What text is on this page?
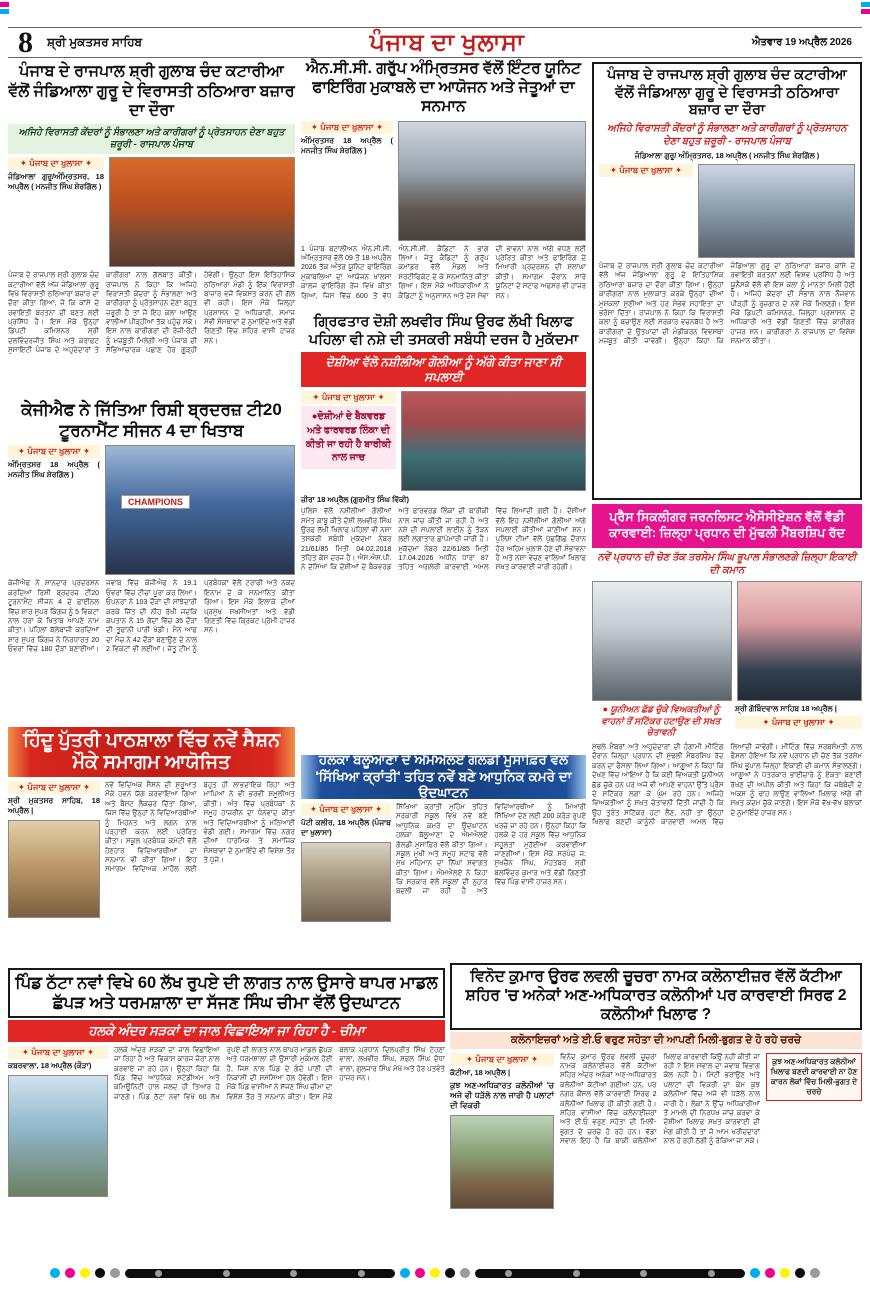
8	ਸ਼੍ਰੀ ਮੁਕਤਸਰ ਸਾਹਿਬ	ਪੰਜਾਬ ਦਾ ਖੁਲਾਸਾ	ਐਤਵਾਰ 19 ਅਪ੍ਰੈਲ 2026
ਪੰਜਾਬ ਦੇ ਰਾਜਪਾਲ ਸ਼੍ਰੀ ਗੁਲਾਬ ਚੰਦ ਕਟਾਰੀਆ ਵੱਲੋਂ ਜੰਡਿਆਲਾ ਗੁਰੂ ਦੇ ਵਿਰਾਸਤੀ ਠਠਿਆਰਾ ਬਜ਼ਾਰ ਦਾ ਦੌਰਾ
ਅਜਿਹੇ ਵਿਰਾਸਤੀ ਕੇਂਦਰਾਂ ਨੂੰ ਸੰਭਾਲਣਾ ਅਤੇ ਕਾਰੀਗਰਾਂ ਨੂੰ ਪ੍ਰੋਤਸਾਹਨ ਦੇਣਾ ਬਹੁਤ ਜ਼ਰੂਰੀ - ਰਾਜਪਾਲ ਪੰਜਾਬ
✦ ਪੰਜਾਬ ਦਾ ਖੁਲਾਸਾ ✦
ਜੰਡਿਆਲਾ ਗੁਰੂ/ਅੰਮ੍ਰਿਤਸਰ, 18 ਅਪ੍ਰੈਲ ( ਮਨਜੀਤ ਸਿੰਘ ਸ਼ੇਰਗਿੱਲ )
ਪੰਜਾਬ ਦੇ ਰਾਜਪਾਲ ਸ਼੍ਰੀ ਗੁਲਾਬ ਚੰਦ ਕਟਾਰੀਆ ਵੱਲੋਂ ਅੱਜ ਜੰਡਿਆਲਾ ਗੁਰੂ ਵਿਖੇ ਵਿਰਾਸਤੀ ਠਠਿਆਰਾ ਬਜ਼ਾਰ ਦਾ ਦੌਰਾ ਕੀਤਾ ਗਿਆ, ਜੋ ਕਿ ਕਾਂਸੇ ਦੇ ਰਵਾਇਤੀ ਬਰਤਨਾਂ ਦੀ ਬਣਤ ਲਈ ਪ੍ਰਸਿੱਧ ਹੈ। ਇਸ ਮੌਕੇ ਉਨ੍ਹਾਂ ਡਿਪਟੀ ਕਮਿਸ਼ਨਰ ਸ਼੍ਰੀ ਦਲਵਿੰਦਰਜੀਤ ਸਿੰਘ ਅਤੇ ਕਰਾਫਟ ਸੁਸਾਇਟੀ ਪੰਜਾਬ ਦੇ ਅਹੁਦੇਦਾਰਾਂ ਤੇ ਕਾਰੀਗਰਾਂ ਨਾਲ ਗੱਲਬਾਤ ਕੀਤੀ। ਰਾਜਪਾਲ ਨੇ ਕਿਹਾ ਕਿ ਅਜਿਹੇ ਵਿਰਾਸਤੀ ਕੇਂਦਰਾਂ ਨੂੰ ਸੰਭਾਲਣਾ ਅਤੇ ਕਾਰੀਗਰਾਂ ਨੂੰ ਪ੍ਰੋਤਸਾਹਨ ਦੇਣਾ ਬਹੁਤ ਜ਼ਰੂਰੀ ਹੈ ਤਾਂ ਜੋ ਇਹ ਕਲਾ ਆਉਣ ਵਾਲੀਆਂ ਪੀੜ੍ਹੀਆਂ ਤੱਕ ਪਹੁੰਚ ਸਕੇ। ਇਸ ਨਾਲ ਕਾਰੀਗਰਾਂ ਦੀ ਰੋਜ਼ੀ-ਰੋਟੀ ਨੂੰ ਮਜ਼ਬੂਤੀ ਮਿਲੇਗੀ ਅਤੇ ਪੰਜਾਬ ਦੀ ਸੱਭਿਆਚਾਰਕ ਪਛਾਣ ਹੋਰ ਗੂੜ੍ਹੀ ਹੋਵੇਗੀ। ਉਨ੍ਹਾਂ ਇਸ ਇਤਿਹਾਸਿਕ ਠਠਿਆਰਾ ਮੰਡੀ ਨੂੰ ਇੱਕ ਵਿਰਾਸਤੀ ਬਾਜ਼ਾਰ ਵਜੋਂ ਵਿਕਸਤ ਕਰਨ ਦੀ ਗੱਲ ਵੀ ਕਹੀ। ਇਸ ਮੌਕੇ ਜ਼ਿਲ੍ਹਾ ਪ੍ਰਸ਼ਾਸਨ ਦੇ ਅਧਿਕਾਰੀ, ਸਮਾਜ ਸੇਵੀ ਸੰਸਥਾਵਾਂ ਦੇ ਨੁਮਾਇੰਦੇ ਅਤੇ ਵੱਡੀ ਗਿਣਤੀ ਵਿੱਚ ਸ਼ਹਿਰ ਵਾਸੀ ਹਾਜ਼ਰ ਸਨ।
ਐਨ.ਸੀ.ਸੀ. ਗਰੁੱਪ ਅੰਮ੍ਰਿਤਸਰ ਵੱਲੋਂ ਇੰਟਰ ਯੂਨਿਟ ਫਾਇਰਿੰਗ ਮੁਕਾਬਲੇ ਦਾ ਆਯੋਜਨ ਅਤੇ ਜੇਤੂਆਂ ਦਾ ਸਨਮਾਨ
✦ ਪੰਜਾਬ ਦਾ ਖੁਲਾਸਾ ✦
ਅੰਮ੍ਰਿਤਸਰ 18 ਅਪ੍ਰੈਲ ( ਮਨਜੀਤ ਸਿੰਘ ਸ਼ੇਰਗਿੱਲ )
1 ਪੰਜਾਬ ਬਟਾਲੀਅਨ ਐਨ.ਸੀ.ਸੀ. ਅੰਮ੍ਰਿਤਸਰ ਵੱਲੋਂ 09 ਤੋਂ 18 ਅਪ੍ਰੈਲ 2026 ਤੱਕ ਅੰਤਰ ਯੂਨਿਟ ਫਾਇਰਿੰਗ ਮੁਕਾਬਲਿਆਂ ਦਾ ਆਯੋਜਨ ਖਾਲਸਾ ਕਾਲਜ ਫਾਇਰਿੰਗ ਰੇਂਜ ਵਿਖੇ ਕੀਤਾ ਗਿਆ, ਜਿਸ ਵਿੱਚ 600 ਤੋਂ ਵੱਧ ਐਨ.ਸੀ.ਸੀ. ਕੈਡਿਟਾਂ ਨੇ ਭਾਗ ਲਿਆ। ਜੇਤੂ ਕੈਡਿਟਾਂ ਨੂੰ ਗਰੁੱਪ ਕਮਾਂਡਰ ਵੱਲੋਂ ਮੈਡਲ ਅਤੇ ਸਰਟੀਫਿਕੇਟ ਦੇ ਕੇ ਸਨਮਾਨਿਤ ਕੀਤਾ ਗਿਆ। ਇਸ ਮੌਕੇ ਅਧਿਕਾਰੀਆਂ ਨੇ ਕੈਡਿਟਾਂ ਨੂੰ ਅਨੁਸ਼ਾਸਨ ਅਤੇ ਦੇਸ਼ ਸੇਵਾ ਦੀ ਭਾਵਨਾ ਨਾਲ ਅੱਗੇ ਵਧਣ ਲਈ ਪ੍ਰੇਰਿਤ ਕੀਤਾ ਅਤੇ ਫਾਇਰਿੰਗ ਦੇ ਮਿਆਰੀ ਪ੍ਰਦਰਸ਼ਨ ਦੀ ਸ਼ਲਾਘਾ ਕੀਤੀ। ਸਮਾਗਮ ਦੌਰਾਨ ਸਾਰੇ ਯੂਨਿਟਾਂ ਦੇ ਸਟਾਫ ਅਫਸਰ ਵੀ ਹਾਜ਼ਰ ਸਨ।
ਗ੍ਰਿਫਤਾਰ ਦੋਸ਼ੀ ਲਖਵੀਰ ਸਿੰਘ ਉਰਫ ਲੱਖੀ ਖਿਲਾਫ ਪਹਿਲਾ ਵੀ ਨਸ਼ੇ ਦੀ ਤਸਕਰੀ ਸਬੰਧੀ ਦਰਜ ਹੈ ਮੁਕੱਦਮਾ
ਦੋਸ਼ੀਆ ਵੱਲੋ ਨਸ਼ੀਲੀਆ ਗੋਲੀਆ ਨੂੰ ਅੱਗੇ ਕੀਤਾ ਜਾਣਾ ਸੀ ਸਪਲਾਈ
✦ ਪੰਜਾਬ ਦਾ ਖੁਲਾਸਾ ✦
●ਦੋਸ਼ੀਆਂ ਦੇ ਬੈਕਵਰਡ ਅਤੇ ਫਾਰਵਰਡ ਲਿੰਕਾ ਦੀ ਕੀਤੀ ਜਾ ਰਹੀ ਹੈ ਬਾਰੀਕੀ ਨਾਲ ਜਾਚ
ਜ਼ੀਰਾ 18 ਅਪ੍ਰੈਲ (ਗੁਰਮੀਤ ਸਿੰਘ ਵਿੱਕੀ)
ਪੁਲਿਸ ਵੱਲੋਂ ਨਸ਼ੀਲੀਆਂ ਗੋਲੀਆਂ ਸਮੇਤ ਕਾਬੂ ਕੀਤੇ ਦੋਸ਼ੀ ਲਖਵੀਰ ਸਿੰਘ ਉਰਫ ਲੱਖੀ ਖਿਲਾਫ ਪਹਿਲਾਂ ਵੀ ਨਸ਼ਾ ਤਸਕਰੀ ਸਬੰਧੀ ਮੁਕੱਦਮਾ ਨੰਬਰ 21/61/85 ਮਿਤੀ 04.02.2018 ਤਹਿਤ ਕੇਸ ਦਰਜ ਹੈ। ਐਸ.ਐਸ.ਪੀ. ਨੇ ਦੱਸਿਆ ਕਿ ਦੋਸ਼ੀਆਂ ਦੇ ਬੈਕਵਰਡ ਅਤੇ ਫਾਰਵਰਡ ਲਿੰਕਾਂ ਦੀ ਬਾਰੀਕੀ ਨਾਲ ਜਾਂਚ ਕੀਤੀ ਜਾ ਰਹੀ ਹੈ ਅਤੇ ਨਸ਼ੇ ਦੀ ਸਪਲਾਈ ਲਾਈਨ ਨੂੰ ਤੋੜਨ ਲਈ ਲਗਾਤਾਰ ਛਾਪੇਮਾਰੀ ਜਾਰੀ ਹੈ। ਮੁਕੱਦਮਾ ਨੰਬਰ 22/61/85 ਮਿਤੀ 17.04.2026 ਅਧੀਨ ਧਾਰਾ 87 ਤਹਿਤ ਅਗਲੇਰੀ ਕਾਰਵਾਈ ਅਮਲ ਵਿੱਚ ਲਿਆਂਦੀ ਗਈ ਹੈ। ਦੋਸ਼ੀਆਂ ਵੱਲੋਂ ਇਹ ਨਸ਼ੀਲੀਆਂ ਗੋਲੀਆਂ ਅੱਗੇ ਸਪਲਾਈ ਕੀਤੀਆਂ ਜਾਣੀਆਂ ਸਨ। ਪੁਲਿਸ ਟੀਮਾਂ ਵੱਲੋਂ ਪੁੱਛਗਿੱਛ ਦੌਰਾਨ ਹੋਰ ਅਹਿਮ ਖੁਲਾਸੇ ਹੋਣ ਦੀ ਸੰਭਾਵਨਾ ਹੈ ਅਤੇ ਨਸ਼ਾ ਵੇਚਣ ਵਾਲਿਆਂ ਖਿਲਾਫ ਸਖ਼ਤ ਕਾਰਵਾਈ ਜਾਰੀ ਰਹੇਗੀ।
ਪੰਜਾਬ ਦੇ ਰਾਜਪਾਲ ਸ਼੍ਰੀ ਗੁਲਾਬ ਚੰਦ ਕਟਾਰੀਆ ਵੱਲੋਂ ਜੰਡਿਆਲਾ ਗੁਰੂ ਦੇ ਵਿਰਾਸਤੀ ਠਠਿਆਰਾ ਬਜ਼ਾਰ ਦਾ ਦੌਰਾ
ਅਜਿਹੇ ਵਿਰਾਸਤੀ ਕੇਂਦਰਾਂ ਨੂੰ ਸੰਭਾਲਣਾ ਅਤੇ ਕਾਰੀਗਰਾਂ ਨੂੰ ਪ੍ਰੋਤਸਾਹਨ ਦੇਣਾ ਬਹੁਤ ਜ਼ਰੂਰੀ - ਰਾਜਪਾਲ ਪੰਜਾਬ
ਜੰਡਿਆਲਾ ਗੁਰੂ/ ਅੰਮ੍ਰਿਤਸਰ, 18 ਅਪ੍ਰੈਲ ( ਮਨਜੀਤ ਸਿੰਘ ਸ਼ੇਰਗਿੱਲ )
✦ ਪੰਜਾਬ ਦਾ ਖੁਲਾਸਾ ✦
ਪੰਜਾਬ ਦੇ ਰਾਜਪਾਲ ਸ਼੍ਰੀ ਗੁਲਾਬ ਚੰਦ ਕਟਾਰੀਆ ਵੱਲੋਂ ਅੱਜ ਜੰਡਿਆਲਾ ਗੁਰੂ ਦੇ ਇਤਿਹਾਸਿਕ ਠਠਿਆਰਾ ਬਜ਼ਾਰ ਦਾ ਦੌਰਾ ਕੀਤਾ ਗਿਆ। ਉਨ੍ਹਾਂ ਕਾਰੀਗਰਾਂ ਨਾਲ ਮੁਲਾਕਾਤ ਕਰਕੇ ਉਨ੍ਹਾਂ ਦੀਆਂ ਮੁਸ਼ਕਲਾਂ ਸੁਣੀਆਂ ਅਤੇ ਹਰ ਸੰਭਵ ਸਹਾਇਤਾ ਦਾ ਭਰੋਸਾ ਦਿੱਤਾ। ਰਾਜਪਾਲ ਨੇ ਕਿਹਾ ਕਿ ਵਿਰਾਸਤੀ ਕਲਾ ਨੂੰ ਬਚਾਉਣ ਲਈ ਸਰਕਾਰ ਵਚਨਬੱਧ ਹੈ ਅਤੇ ਕਾਰੀਗਰਾਂ ਦੇ ਉਤਪਾਦਾਂ ਦੀ ਮੰਡੀਕਰਨ ਵਿਵਸਥਾ ਮਜ਼ਬੂਤ ਕੀਤੀ ਜਾਵੇਗੀ। ਉਨ੍ਹਾਂ ਕਿਹਾ ਕਿ ਜੰਡਿਆਲਾ ਗੁਰੂ ਦਾ ਠਠਿਆਰਾ ਬਜ਼ਾਰ ਕਾਂਸੇ ਦੇ ਰਵਾਇਤੀ ਬਰਤਨਾਂ ਲਈ ਵਿਸ਼ਵ ਪ੍ਰਸਿੱਧ ਹੈ ਅਤੇ ਯੂਨੈਸਕੋ ਵੱਲੋਂ ਵੀ ਇਸ ਕਲਾ ਨੂੰ ਮਾਨਤਾ ਮਿਲੀ ਹੋਈ ਹੈ। ਅਜਿਹੇ ਕੇਂਦਰਾਂ ਦੀ ਸੰਭਾਲ ਨਾਲ ਨੌਜਵਾਨ ਪੀੜ੍ਹੀ ਨੂੰ ਰੁਜ਼ਗਾਰ ਦੇ ਨਵੇਂ ਮੌਕੇ ਮਿਲਣਗੇ। ਇਸ ਮੌਕੇ ਡਿਪਟੀ ਕਮਿਸ਼ਨਰ, ਜ਼ਿਲ੍ਹਾ ਪ੍ਰਸ਼ਾਸਨ ਦੇ ਅਧਿਕਾਰੀ ਅਤੇ ਵੱਡੀ ਗਿਣਤੀ ਵਿੱਚ ਕਾਰੀਗਰ ਹਾਜ਼ਰ ਸਨ। ਕਾਰੀਗਰਾਂ ਨੇ ਰਾਜਪਾਲ ਦਾ ਵਿਸ਼ੇਸ਼ ਸਨਮਾਨ ਕੀਤਾ।
ਪ੍ਰੈਸ ਸਿਕਲੀਗਰ ਜਰਨਲਿਸਟ ਐਸੋਸੀਏਸ਼ਨ ਵੱਲੋਂ ਵੱਡੀ ਕਾਰਵਾਈ: ਜ਼ਿਲ੍ਹਾ ਪ੍ਰਧਾਨ ਦੀ ਮੁੱਢਲੀ ਮੈਂਬਰਸ਼ਿਪ ਰੱਦ
ਨਵੇਂ ਪ੍ਰਧਾਨ ਦੀ ਚੋਣ ਤੱਕ ਤਰਸੇਮ ਸਿੰਘ ਭੂਪਾਲ ਸੰਭਾਲਣਗੇ ਜ਼ਿਲ੍ਹਾ ਇਕਾਈ ਦੀ ਕਮਾਨ
● ਯੂਨੀਅਨ ਛੱਡ ਚੁੱਕੇ ਵਿਅਕਤੀਆਂ ਨੂੰ ਵਾਹਨਾਂ ਤੋਂ ਸਟਿੱਕਰ ਹਟਾਉਣ ਦੀ ਸਖਤ ਚੇਤਾਵਨੀ
ਸ਼੍ਰੀ ਗੋਬਿੰਦਵਾਲ ਸਾਹਿਬ 18 ਅਪ੍ਰੈਲ |
✦ ਪੰਜਾਬ ਦਾ ਖੁਲਾਸਾ ✦
ਮੁੱਢਲੇ ਮੈਂਬਰਾਂ ਅਤੇ ਅਹੁਦੇਦਾਰਾਂ ਦੀ ਹੰਗਾਮੀ ਮੀਟਿੰਗ ਦੌਰਾਨ ਜ਼ਿਲ੍ਹਾ ਪ੍ਰਧਾਨ ਦੀ ਮੁੱਢਲੀ ਮੈਂਬਰਸ਼ਿਪ ਰੱਦ ਕਰਨ ਦਾ ਫੈਸਲਾ ਲਿਆ ਗਿਆ। ਆਗੂਆਂ ਨੇ ਕਿਹਾ ਕਿ ਦੇਖਣ ਵਿੱਚ ਆਇਆ ਹੈ ਕਿ ਕਈ ਵਿਅਕਤੀ ਯੂਨੀਅਨ ਛੱਡ ਚੁੱਕੇ ਹਨ ਪਰ ਅਜੇ ਵੀ ਆਪਣੇ ਵਾਹਨਾਂ ਉੱਤੇ ਪ੍ਰੈਸ ਦੇ ਸਟਿੱਕਰ ਲਗਾ ਕੇ ਘੁੰਮ ਰਹੇ ਹਨ। ਅਜਿਹੇ ਵਿਅਕਤੀਆਂ ਨੂੰ ਸਖ਼ਤ ਚੇਤਾਵਨੀ ਦਿੱਤੀ ਜਾਂਦੀ ਹੈ ਕਿ ਉਹ ਤੁਰੰਤ ਸਟਿੱਕਰ ਹਟਾ ਲੈਣ, ਨਹੀਂ ਤਾਂ ਉਨ੍ਹਾਂ ਖਿਲਾਫ ਬਣਦੀ ਕਾਨੂੰਨੀ ਕਾਰਵਾਈ ਅਮਲ ਵਿੱਚ ਲਿਆਂਦੀ ਜਾਵੇਗੀ। ਮੀਟਿੰਗ ਵਿੱਚ ਸਰਬਸੰਮਤੀ ਨਾਲ ਫੈਸਲਾ ਹੋਇਆ ਕਿ ਨਵੇਂ ਪ੍ਰਧਾਨ ਦੀ ਚੋਣ ਤੱਕ ਤਰਸੇਮ ਸਿੰਘ ਭੂਪਾਲ ਜ਼ਿਲ੍ਹਾ ਇਕਾਈ ਦੀ ਕਮਾਨ ਸੰਭਾਲਣਗੇ। ਆਗੂਆਂ ਨੇ ਪੱਤਰਕਾਰ ਭਾਈਚਾਰੇ ਨੂੰ ਏਕਤਾ ਬਣਾਈ ਰੱਖਣ ਦੀ ਅਪੀਲ ਕੀਤੀ ਅਤੇ ਕਿਹਾ ਕਿ ਜਥੇਬੰਦੀ ਦੇ ਅਕਸ ਨੂੰ ਢਾਹ ਲਾਉਣ ਵਾਲਿਆਂ ਖਿਲਾਫ ਅੱਗੇ ਵੀ ਸਖ਼ਤ ਕਦਮ ਚੁੱਕੇ ਜਾਣਗੇ। ਇਸ ਮੌਕੇ ਵੱਖ-ਵੱਖ ਬਲਾਕਾਂ ਦੇ ਨੁਮਾਇੰਦੇ ਹਾਜ਼ਰ ਸਨ।
ਕੇਜੀਐਫ ਨੇ ਜਿੱਤਿਆ ਰਿਸ਼ੀ ਬ੍ਰਦਰਜ਼ ਟੀ20 ਟੂਰਨਾਮੈਂਟ ਸੀਜਨ 4 ਦਾ ਖਿਤਾਬ
✦ ਪੰਜਾਬ ਦਾ ਖੁਲਾਸਾ ✦
ਅੰਮ੍ਰਿਤਸਰ 18 ਅਪ੍ਰੈਲ ( ਮਨਜੀਤ ਸਿੰਘ ਸ਼ੇਰਗਿੱਲ )
CHAMPIONS
ਕੇਜੀਐਫ ਨੇ ਸ਼ਾਨਦਾਰ ਪ੍ਰਦਰਸ਼ਨ ਕਰਦਿਆਂ ਰਿਸ਼ੀ ਬ੍ਰਦਰਜ਼ ਟੀ20 ਟੂਰਨਾਮੈਂਟ ਸੀਜਨ 4 ਦੇ ਫਾਈਨਲ ਵਿੱਚ ਸ਼ਾਰ ਸੁਪਰ ਕਿੰਗਜ਼ ਨੂੰ 5 ਵਿਕਟਾਂ ਨਾਲ ਹਰਾ ਕੇ ਖਿਤਾਬ ਆਪਣੇ ਨਾਮ ਕੀਤਾ। ਪਹਿਲਾਂ ਬੱਲੇਬਾਜ਼ੀ ਕਰਦਿਆਂ ਸ਼ਾਰ ਸੁਪਰ ਕਿੰਗਜ਼ ਨੇ ਨਿਰਧਾਰਤ 20 ਓਵਰਾਂ ਵਿੱਚ 180 ਦੌੜਾਂ ਬਣਾਈਆਂ। ਜਵਾਬ ਵਿੱਚ ਕੇਜੀਐਫ ਨੇ 19.1 ਓਵਰਾਂ ਵਿੱਚ ਟੀਚਾ ਪੂਰਾ ਕਰ ਲਿਆ। ਓਪਨਰਾਂ ਨੇ 103 ਦੌੜਾਂ ਦੀ ਸਾਂਝੇਦਾਰੀ ਕਰਕੇ ਜਿੱਤ ਦੀ ਨੀਂਹ ਰੱਖੀ ਜਦਕਿ ਕਪਤਾਨ ਨੇ 15 ਗੇਂਦਾਂ ਵਿੱਚ 35 ਦੌੜਾਂ ਦੀ ਤੂਫਾਨੀ ਪਾਰੀ ਖੇਡੀ। ਮੈਨ ਆਫ ਦਾ ਮੈਚ ਨੇ 42 ਦੌੜਾਂ ਬਣਾਉਣ ਦੇ ਨਾਲ 2 ਵਿਕਟਾਂ ਵੀ ਲਈਆਂ। ਜੇਤੂ ਟੀਮ ਨੂੰ ਪ੍ਰਬੰਧਕਾਂ ਵੱਲੋਂ ਟਰਾਫੀ ਅਤੇ ਨਕਦ ਇਨਾਮ ਦੇ ਕੇ ਸਨਮਾਨਿਤ ਕੀਤਾ ਗਿਆ। ਇਸ ਮੌਕੇ ਇਲਾਕੇ ਦੀਆਂ ਪ੍ਰਮੁੱਖ ਸ਼ਖਸੀਅਤਾਂ ਅਤੇ ਵੱਡੀ ਗਿਣਤੀ ਵਿੱਚ ਕ੍ਰਿਕਟ ਪ੍ਰੇਮੀ ਹਾਜ਼ਰ ਸਨ।
ਹਿੰਦੂ ਪੁੱਤਰੀ ਪਾਠਸ਼ਾਲਾ ਵਿੱਚ ਨਵੇਂ ਸੈਸ਼ਨ ਮੌਕੇ ਸਮਾਗਮ ਆਯੋਜਿਤ
✦ ਪੰਜਾਬ ਦਾ ਖੁਲਾਸਾ ✦
ਸ਼੍ਰੀ ਮੁਕਤਸਰ ਸਾਹਿਬ, 18 ਅਪ੍ਰੈਲ |
ਨਵੇਂ ਵਿਦਿਅਕ ਸੈਸ਼ਨ ਦੀ ਸ਼ੁਰੂਆਤ ਮੌਕੇ ਹਵਨ ਯੱਗ ਕਰਵਾਇਆ ਗਿਆ ਅਤੇ ਬੈਸਟ ਲੈਕਚਰ ਦਿੱਤਾ ਗਿਆ, ਜਿਸ ਵਿੱਚ ਉਨ੍ਹਾਂ ਨੇ ਵਿਦਿਆਰਥੀਆਂ ਨੂੰ ਮਿਹਨਤ ਅਤੇ ਲਗਨ ਨਾਲ ਪੜ੍ਹਾਈ ਕਰਨ ਲਈ ਪ੍ਰੇਰਿਤ ਕੀਤਾ। ਸਕੂਲ ਪ੍ਰਬੰਧਕ ਕਮੇਟੀ ਵੱਲੋਂ ਹੋਣਹਾਰ ਵਿਦਿਆਰਥੀਆਂ ਦਾ ਸਨਮਾਨ ਵੀ ਕੀਤਾ ਗਿਆ। ਇਹ ਸਮਾਗਮ ਵਿਦਿਅਕ ਮਾਹੌਲ ਲਈ ਬਹੁਤ ਹੀ ਲਾਭਦਾਇਕ ਰਿਹਾ ਅਤੇ ਮਾਪਿਆਂ ਨੇ ਵੀ ਭਰਵੀਂ ਸ਼ਮੂਲੀਅਤ ਕੀਤੀ। ਅੰਤ ਵਿੱਚ ਪ੍ਰਬੰਧਕਾਂ ਨੇ ਸਮੂਹ ਹਾਜ਼ਰੀਨ ਦਾ ਧੰਨਵਾਦ ਕੀਤਾ ਅਤੇ ਵਿਦਿਆਰਥੀਆਂ ਨੂੰ ਮਠਿਆਈ ਵੰਡੀ ਗਈ। ਸਮਾਗਮ ਵਿੱਚ ਨਗਰ ਦੀਆਂ ਧਾਰਮਿਕ ਤੇ ਸਮਾਜਿਕ ਸੰਸਥਾਵਾਂ ਦੇ ਨੁਮਾਇੰਦੇ ਵੀ ਵਿਸ਼ੇਸ਼ ਤੌਰ ਤੇ ਪੁੱਜੇ।
ਹਲਕਾ ਬੱਲੂਆਣਾ ਦੇ ਐਮਐਲਏ ਗੋਲਡੀ ਮੁਸਾਫ਼ਿਰ ਵੱਲੋਂ 'ਸਿੱਖਿਆ ਕ੍ਰਾਂਤੀ' ਤਹਿਤ ਨਵੇਂ ਬਣੇ ਆਧੁਨਿਕ ਕਮਰੇ ਦਾ ਉਦਘਾਟਨ
✦ ਪੰਜਾਬ ਦਾ ਖੁਲਾਸਾ ✦
ਪੱਟੀ ਕਲੀਰ, 18 ਅਪ੍ਰੈਲ (ਪੰਜਾਬ ਦਾ ਖੁਲਾਸਾ)
ਸਿੱਖਿਆ ਕ੍ਰਾਂਤੀ ਮੁਹਿੰਮ ਤਹਿਤ ਸਰਕਾਰੀ ਸਕੂਲ ਵਿਖੇ ਨਵੇਂ ਬਣੇ ਆਧੁਨਿਕ ਕਮਰੇ ਦਾ ਉਦਘਾਟਨ ਹਲਕਾ ਬੱਲੂਆਣਾ ਦੇ ਐਮਐਲਏ ਗੋਲਡੀ ਮੁਸਾਫ਼ਿਰ ਵੱਲੋਂ ਕੀਤਾ ਗਿਆ। ਸਕੂਲ ਮੁਖੀ ਅਤੇ ਸਮੂਹ ਸਟਾਫ ਵੱਲੋਂ ਮੁੱਖ ਮਹਿਮਾਨ ਦਾ ਨਿੱਘਾ ਸਵਾਗਤ ਕੀਤਾ ਗਿਆ। ਐਮਐਲਏ ਨੇ ਕਿਹਾ ਕਿ ਸਰਕਾਰ ਵੱਲੋਂ ਸਕੂਲਾਂ ਦੀ ਨੁਹਾਰ ਬਦਲੀ ਜਾ ਰਹੀ ਹੈ ਅਤੇ ਵਿਦਿਆਰਥੀਆਂ ਨੂੰ ਮਿਆਰੀ ਸਿੱਖਿਆ ਦੇਣ ਲਈ 200 ਕਰੋੜ ਰੁਪਏ ਖਰਚੇ ਜਾ ਰਹੇ ਹਨ। ਉਨ੍ਹਾਂ ਕਿਹਾ ਕਿ ਹਲਕੇ ਦੇ ਹਰ ਸਕੂਲ ਵਿੱਚ ਆਧੁਨਿਕ ਸਹੂਲਤਾਂ ਮੁਹੱਈਆ ਕਰਵਾਈਆਂ ਜਾਣਗੀਆਂ। ਇਸ ਮੌਕੇ ਸਰਪੰਚ ਜ: ਸੁਖਚੈਨ ਸਿੰਘ, ਮੋਹਤਬਰ ਸ਼੍ਰੀ ਬਲਵਿੰਦਰ ਕੁਮਾਰ ਅਤੇ ਵੱਡੀ ਗਿਣਤੀ ਵਿੱਚ ਪਿੰਡ ਵਾਸੀ ਹਾਜ਼ਰ ਸਨ।
ਪਿੰਡ ਠੱਟਾ ਨਵਾਂ ਵਿਖੇ 60 ਲੱਖ ਰੁਪਏ ਦੀ ਲਾਗਤ ਨਾਲ ਉਸਾਰੇ ਥਾਪਰ ਮਾਡਲ ਛੱਪੜ ਅਤੇ ਧਰਮਸ਼ਾਲਾ ਦਾ ਸੱਜਣ ਸਿੰਘ ਚੀਮਾ ਵੱਲੋਂ ਉਦਘਾਟਨ
ਹਲਕੇ ਅੰਦਰ ਸੜਕਾਂ ਦਾ ਜਾਲ ਵਿਛਾਇਆ ਜਾ ਰਿਹਾ ਹੈ - ਚੀਮਾ
✦ ਪੰਜਾਬ ਦਾ ਖੁਲਾਸਾ ✦
ਕਬਰਵਾਲਾ, 18 ਅਪ੍ਰੈਲ (ਕੌੜਾ)
ਹਲਕੇ ਅੰਦਰ ਸੜਕਾਂ ਦਾ ਜਾਲ ਵਿਛਾਇਆ ਜਾ ਰਿਹਾ ਹੈ ਅਤੇ ਵਿਕਾਸ ਕਾਰਜ ਜ਼ੋਰਾਂ ਨਾਲ ਕਰਵਾਏ ਜਾ ਰਹੇ ਹਨ। ਉਨ੍ਹਾਂ ਕਿਹਾ ਕਿ ਪਿੰਡ ਵਿੱਚ ਆਧੁਨਿਕ ਸਟੇਡੀਅਮ ਅਤੇ ਕਮਿਊਨਿਟੀ ਹਾਲ ਜਲਦ ਹੀ ਤਿਆਰ ਹੋ ਜਾਣਗੇ। ਪਿੰਡ ਠੱਟਾ ਨਵਾਂ ਵਿਖੇ 60 ਲੱਖ ਰੁਪਏ ਦੀ ਲਾਗਤ ਨਾਲ ਥਾਪਰ ਮਾਡਲ ਛੱਪੜ ਅਤੇ ਧਰਮਸ਼ਾਲਾ ਦੀ ਉਸਾਰੀ ਮੁਕੰਮਲ ਹੋਈ ਹੈ, ਜਿਸ ਨਾਲ ਪਿੰਡ ਦੇ ਗੰਦੇ ਪਾਣੀ ਦੀ ਨਿਕਾਸੀ ਦੀ ਸਮੱਸਿਆ ਹੱਲ ਹੋਵੇਗੀ। ਇਸ ਮੌਕੇ ਪਿੰਡ ਵਾਸੀਆਂ ਨੇ ਸੱਜਣ ਸਿੰਘ ਚੀਮਾ ਦਾ ਵਿਸ਼ੇਸ਼ ਤੌਰ ਤੇ ਸਨਮਾਨ ਕੀਤਾ। ਇਸ ਮੌਕੇ ਬਲਾਕ ਪ੍ਰਧਾਨ ਦਿਲਪ੍ਰੀਤ ਸਿੰਘ ਟੇਹਣਾ ਵਾਲਾ, ਲਖਵੀਰ ਸਿੰਘ, ਸਫਲ ਸਿੰਘ ਦੋਧਾ ਵਾਲਾ, ਗੁਲਜਾਰ ਸਿੰਘ ਮੋਖੇ ਅਤੇ ਹੋਰ ਪਤਵੰਤੇ ਹਾਜ਼ਰ ਸਨ।
ਵਿਨੋਦ ਕੁਮਾਰ ਉਰਫ ਲਵਲੀ ਚੂਚਰਾ ਨਾਮਕ ਕਲੋਨਾਈਜ਼ਰ ਵੱਲੋਂ ਕੱਟੀਆ ਸ਼ਹਿਰ 'ਚ ਅਨੇਕਾਂ ਅਣ-ਅਧਿਕਾਰਤ ਕਲੋਨੀਆਂ ਪਰ ਕਾਰਵਾਈ ਸਿਰਫ 2 ਕਲੋਨੀਆਂ ਖਿਲਾਫ ?
ਕਲੋਨਾਇਜ਼ਰਾਂ ਅਤੇ ਈ.ਓ ਵਰੁਣ ਸਹੋਤਾ ਦੀ ਆਪਣੀ ਮਿਲੀ-ਭੁਗਤ ਦੇ ਹੋ ਰਹੇ ਚਰਚੇ
✦ ਪੰਜਾਬ ਦਾ ਖੁਲਾਸਾ ✦
ਕੱਟੀਆ, 18 ਅਪ੍ਰੈਲ |
ਕੁਝ ਅਣ-ਅਧਿਕਾਰਤ ਕਲੋਨੀਆਂ 'ਚ ਅਜੇ ਵੀ ਧੜੱਲੇ ਨਾਲ ਜਾਰੀ ਹੈ ਪਲਾਟਾਂ ਦੀ ਵਿਕਰੀ
ਵਿਨੋਦ ਕੁਮਾਰ ਉਰਫ ਲਵਲੀ ਚੂਚਰਾ ਨਾਮਕ ਕਲੋਨਾਈਜ਼ਰ ਵੱਲੋਂ ਕੱਟੀਆ ਸ਼ਹਿਰ ਅੰਦਰ ਅਨੇਕਾਂ ਅਣ-ਅਧਿਕਾਰਤ ਕਲੋਨੀਆਂ ਕੱਟੀਆਂ ਗਈਆਂ ਹਨ, ਪਰ ਨਗਰ ਕੌਂਸਲ ਵੱਲੋਂ ਕਾਰਵਾਈ ਸਿਰਫ 2 ਕਲੋਨੀਆਂ ਖਿਲਾਫ ਹੀ ਕੀਤੀ ਗਈ ਹੈ। ਸ਼ਹਿਰ ਵਾਸੀਆਂ ਵਿੱਚ ਕਲੋਨਾਈਜ਼ਰਾਂ ਅਤੇ ਈ.ਓ ਵਰੁਣ ਸਹੋਤਾ ਦੀ ਮਿਲੀ-ਭੁਗਤ ਦੇ ਚਰਚੇ ਹੋ ਰਹੇ ਹਨ। ਵੱਡਾ ਸਵਾਲ ਇਹ ਹੈ ਕਿ ਬਾਕੀ ਕਲੋਨੀਆਂ ਖਿਲਾਫ ਕਾਰਵਾਈ ਕਿਉਂ ਨਹੀਂ ਕੀਤੀ ਜਾ ਰਹੀ ? ਇਸ ਸਵਾਲ ਦਾ ਜਵਾਬ ਵਿਭਾਗ ਕੋਲ ਨਹੀਂ ਹੈ। ਮਿੱਟੀ ਭਰਾਉਣ ਅਤੇ ਪਲਾਟਾਂ ਦੀ ਵਿਕਰੀ ਦਾ ਕੰਮ ਕੁਝ ਕਲੋਨੀਆਂ ਵਿੱਚ ਅਜੇ ਵੀ ਧੜੱਲੇ ਨਾਲ ਜਾਰੀ ਹੈ। ਲੋਕਾਂ ਨੇ ਉੱਚ ਅਧਿਕਾਰੀਆਂ ਤੋਂ ਮਾਮਲੇ ਦੀ ਨਿਰਪੱਖ ਜਾਂਚ ਕਰਵਾ ਕੇ ਦੋਸ਼ੀਆਂ ਖਿਲਾਫ ਸਖ਼ਤ ਕਾਰਵਾਈ ਦੀ ਮੰਗ ਕੀਤੀ ਹੈ ਤਾਂ ਜੋ ਆਮ ਖਰੀਦਦਾਰਾਂ ਨਾਲ ਹੋ ਰਹੀ ਠੱਗੀ ਨੂੰ ਰੋਕਿਆ ਜਾ ਸਕੇ।
ਕੁਝ ਅਣ-ਅਧਿਕਾਰਤ ਕਲੋਨੀਆਂ ਖਿਲਾਫ ਬਣਦੀ ਕਾਰਵਾਈ ਨਾ ਹੋਣ ਕਾਰਨ ਲੋਕਾਂ ਵਿੱਚ ਮਿਲੀ-ਭੁਗਤ ਦੇ ਚਰਚੇ
